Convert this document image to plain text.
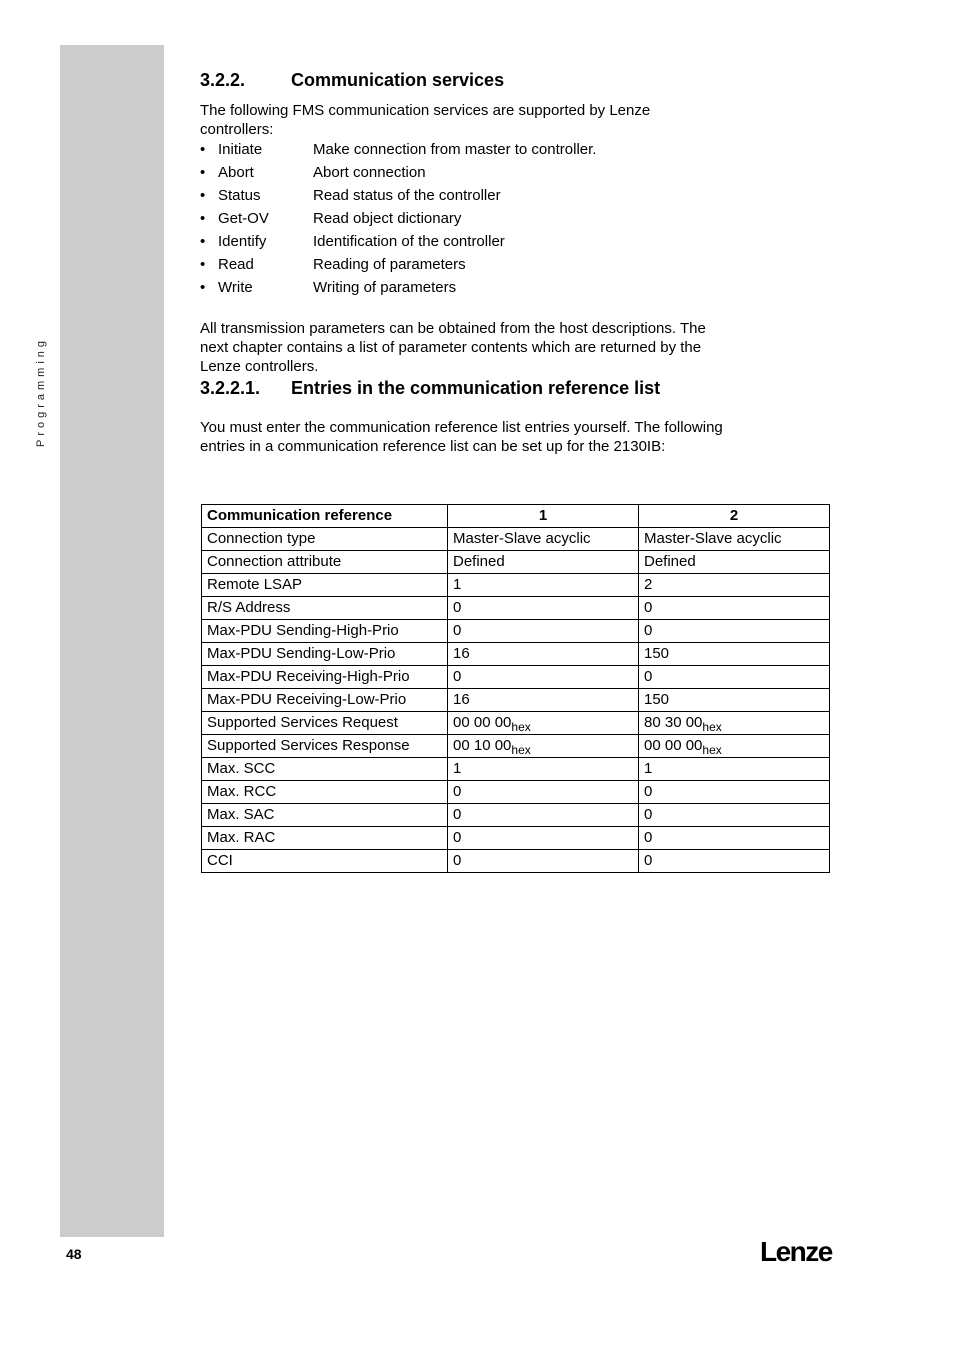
Programming
3.2.2.	Communication services

The following FMS communication services are supported by Lenze controllers:

• Initiate	Make connection from master to controller.
• Abort	Abort connection
• Status	Read status of the controller
• Get-OV	Read object dictionary
• Identify	Identification of the controller
• Read	Reading of parameters
• Write	Writing of parameters

All transmission parameters can be obtained from the host descriptions. The next chapter contains a list of parameter contents which are returned by the Lenze controllers.

3.2.2.1.	Entries in the communication reference list

You must enter the communication reference list entries yourself. The following entries in a communication reference list can be set up for the 2130IB:

Communication reference	1	2
Connection type	Master-Slave acyclic	Master-Slave acyclic
Connection attribute	Defined	Defined
Remote LSAP	1	2
R/S Address	0	0
Max-PDU Sending-High-Prio	0	0
Max-PDU Sending-Low-Prio	16	150
Max-PDU Receiving-High-Prio	0	0
Max-PDU Receiving-Low-Prio	16	150
Supported Services Request	00 00 $00_{hex}$	80 30 $00_{hex}$
Supported Services Response	00 10 $00_{hex}$	00 00 $00_{hex}$
Max. SCC	1	1
Max. RCC	0	0
Max. SAC	0	0
Max. RAC	0	0
CCI	0	0
48	Lenze
